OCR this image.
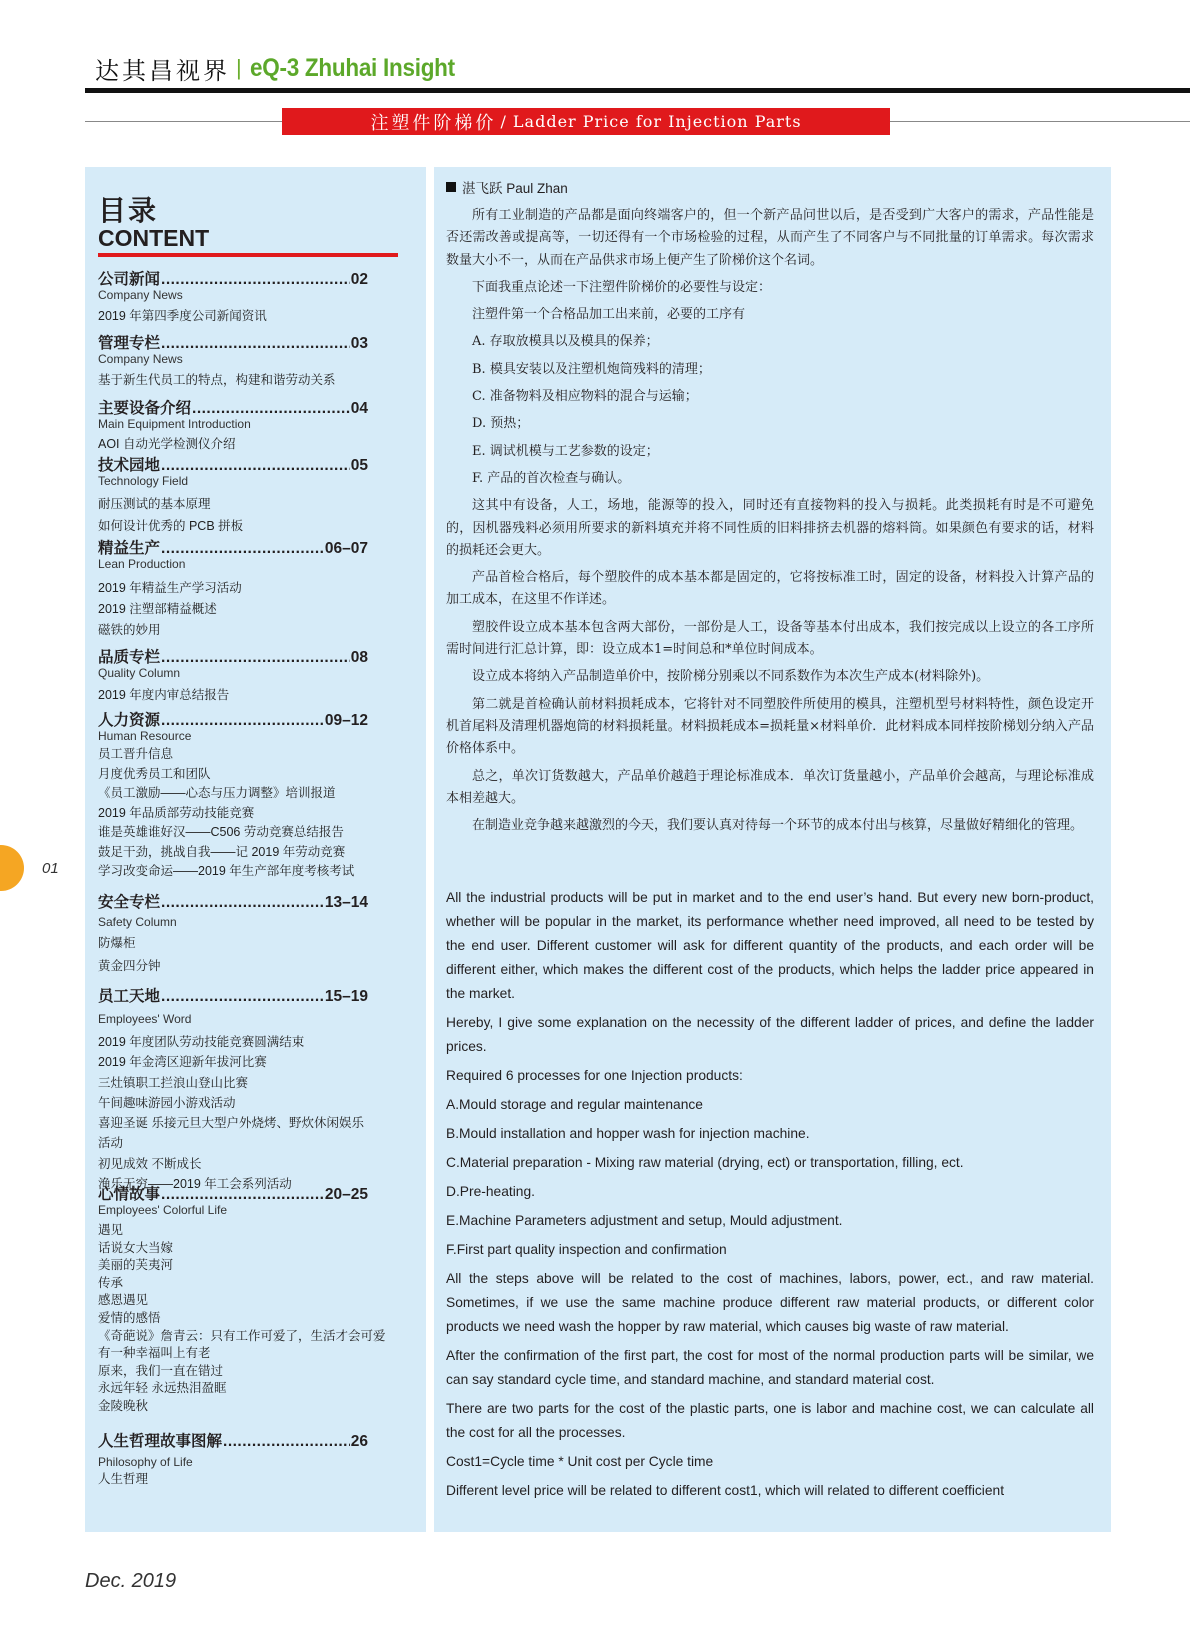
达其昌视界 | eQ-3 Zhuhai Insight
注塑件阶梯价 / Ladder Price for Injection Parts
目录
CONTENT
公司新闻 .....	02
Company News
2019 年第四季度公司新闻资讯
管理专栏 .....	03
Company News
基于新生代员工的特点，构建和谐劳动关系
主要设备介绍 .....	04
Main Equipment Introduction
AOI 自动光学检测仪介绍
技术园地 .....	05
Technology Field
耐压测试的基本原理
如何设计优秀的 PCB 拼板
精益生产 .....	06–07
Lean Production
2019 年精益生产学习活动
2019 注塑部精益概述
磁铁的妙用
品质专栏 .....	08
Quality Column
2019 年度内审总结报告
人力资源 .....	09–12
Human Resource
员工晋升信息
月度优秀员工和团队
《员工激励——心态与压力调整》培训报道
2019 年品质部劳动技能竞赛
谁是英雄谁好汉——C506 劳动竞赛总结报告
鼓足干劲，挑战自我——记 2019 年劳动竞赛
学习改变命运——2019 年生产部年度考核考试
安全专栏 .....	13–14
Safety Column
防爆柜
黄金四分钟
员工天地 .....	15–19
Employees' Word
2019 年度团队劳动技能竞赛圆满结束
2019 年金湾区迎新年拔河比赛
三灶镇职工拦浪山登山比赛
午间趣味游园小游戏活动
喜迎圣诞 乐接元旦大型户外烧烤、野炊休闲娱乐活动
初见成效 不断成长
渔乐无穷——2019 年工会系列活动
心情故事 .....	20–25
Employees' Colorful Life
遇见
话说女大当嫁
美丽的芙夷河
传承
感恩遇见
爱情的感悟
《奇葩说》詹青云：只有工作可爱了，生活才会可爱
有一种幸福叫上有老
原来，我们一直在错过
永远年轻 永远热泪盈眶
金陵晚秋
人生哲理故事图解 .....	26
Philosophy of Life
人生哲理
湛飞跃 Paul Zhan

所有工业制造的产品都是面向终端客户的，但一个新产品问世以后，是否受到广大客户的需求，产品性能是否还需改善或提高等，一切还得有一个市场检验的过程，从而产生了不同客户与不同批量的订单需求。每次需求数量大小不一，从而在产品供求市场上便产生了阶梯价这个名词。

下面我重点论述一下注塑件阶梯价的必要性与设定：

注塑件第一个合格品加工出来前，必要的工序有

A. 存取放模具以及模具的保养；

B. 模具安装以及注塑机炮筒残料的清理；

C. 准备物料及相应物料的混合与运输；

D. 预热；

E. 调试机模与工艺参数的设定；

F. 产品的首次检查与确认。

这其中有设备，人工，场地，能源等的投入，同时还有直接物料的投入与损耗。此类损耗有时是不可避免的，因机器残料必须用所要求的新料填充并将不同性质的旧料排挤去机器的熔料筒。如果颜色有要求的话，材料的损耗还会更大。

产品首检合格后，每个塑胶件的成本基本都是固定的，它将按标准工时，固定的设备，材料投入计算产品的加工成本，在这里不作详述。

塑胶件设立成本基本包含两大部份，一部份是人工，设备等基本付出成本，我们按完成以上设立的各工序所需时间进行汇总计算，即：设立成本1=时间总和*单位时间成本。

设立成本将纳入产品制造单价中，按阶梯分别乘以不同系数作为本次生产成本(材料除外)。

第二就是首检确认前材料损耗成本，它将针对不同塑胶件所使用的模具，注塑机型号材料特性，颜色设定开机首尾料及清理机器炮筒的材料损耗量。材料损耗成本=损耗量×材料单价．此材料成本同样按阶梯划分纳入产品价格体系中。

总之，单次订货数越大，产品单价越趋于理论标准成本．单次订货量越小，产品单价会越高，与理论标准成本相差越大。

在制造业竞争越来越激烈的今天，我们要认真对待每一个环节的成本付出与核算，尽量做好精细化的管理。

All the industrial products will be put in market and to the end user’s hand. But every new born-product, whether will be popular in the market, its performance whether need improved, all need to be tested by the end user. Different customer will ask for different quantity of the products, and each order will be different either, which makes the different cost of the products, which helps the ladder price appeared in the market.

Hereby, I give some explanation on the necessity of the different ladder of prices, and define the ladder prices.

Required 6 processes for one Injection products:

A.Mould storage and regular maintenance

B.Mould installation and hopper wash for injection machine.

C.Material preparation - Mixing raw material (drying, ect) or transportation, filling, ect.

D.Pre-heating.

E.Machine Parameters adjustment and setup, Mould adjustment.

F.First part quality inspection and confirmation

All the steps above will be related to the cost of machines, labors, power, ect., and raw material. Sometimes, if we use the same machine produce different raw material products, or different color products we need wash the hopper by raw material, which causes big waste of raw material.

After the confirmation of the first part, the cost for most of the normal production parts will be similar, we can say standard cycle time, and standard machine, and standard material cost.

There are two parts for the cost of the plastic parts, one is labor and machine cost, we can calculate all the cost for all the processes.

Cost1=Cycle time * Unit cost per Cycle time

Different level price will be related to different cost1, which will related to different coefficient

01
Dec. 2019
